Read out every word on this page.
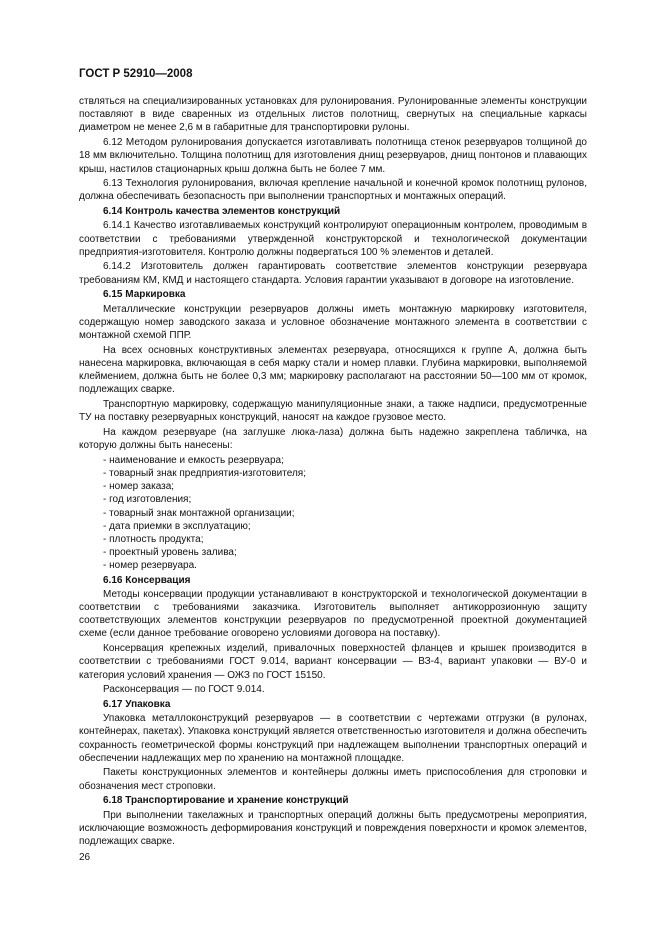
ГОСТ Р 52910—2008
ствляться на специализированных установках для рулонирования. Рулонированные элементы конструкции поставляют в виде сваренных из отдельных листов полотнищ, свернутых на специальные каркасы диаметром не менее 2,6 м в габаритные для транспортировки рулоны.
6.12 Методом рулонирования допускается изготавливать полотнища стенок резервуаров толщиной до 18 мм включительно. Толщина полотнищ для изготовления днищ резервуаров, днищ понтонов и плавающих крыш, настилов стационарных крыш должна быть не более 7 мм.
6.13 Технология рулонирования, включая крепление начальной и конечной кромок полотнищ рулонов, должна обеспечивать безопасность при выполнении транспортных и монтажных операций.
6.14 Контроль качества элементов конструкций
6.14.1 Качество изготавливаемых конструкций контролируют операционным контролем, проводимым в соответствии с требованиями утвержденной конструкторской и технологической документации предприятия-изготовителя. Контролю должны подвергаться 100 % элементов и деталей.
6.14.2 Изготовитель должен гарантировать соответствие элементов конструкции резервуара требованиям КМ, КМД и настоящего стандарта. Условия гарантии указывают в договоре на изготовление.
6.15 Маркировка
Металлические конструкции резервуаров должны иметь монтажную маркировку изготовителя, содержащую номер заводского заказа и условное обозначение монтажного элемента в соответствии с монтажной схемой ППР.
На всех основных конструктивных элементах резервуара, относящихся к группе А, должна быть нанесена маркировка, включающая в себя марку стали и номер плавки. Глубина маркировки, выполняемой клеймением, должна быть не более 0,3 мм; маркировку располагают на расстоянии 50—100 мм от кромок, подлежащих сварке.
Транспортную маркировку, содержащую манипуляционные знаки, а также надписи, предусмотренные ТУ на поставку резервуарных конструкций, наносят на каждое грузовое место.
На каждом резервуаре (на заглушке люка-лаза) должна быть надежно закреплена табличка, на которую должны быть нанесены:
- наименование и емкость резервуара;
- товарный знак предприятия-изготовителя;
- номер заказа;
- год изготовления;
- товарный знак монтажной организации;
- дата приемки в эксплуатацию;
- плотность продукта;
- проектный уровень залива;
- номер резервуара.
6.16 Консервация
Методы консервации продукции устанавливают в конструкторской и технологической документации в соответствии с требованиями заказчика. Изготовитель выполняет антикоррозионную защиту соответствующих элементов конструкции резервуаров по предусмотренной проектной документацией схеме (если данное требование оговорено условиями договора на поставку).
Консервация крепежных изделий, привалочных поверхностей фланцев и крышек производится в соответствии с требованиями ГОСТ 9.014, вариант консервации — ВЗ-4, вариант упаковки — ВУ-0 и категория условий хранения — ОЖЗ по ГОСТ 15150.
Расконсервация — по ГОСТ 9.014.
6.17 Упаковка
Упаковка металлоконструкций резервуаров — в соответствии с чертежами отгрузки (в рулонах, контейнерах, пакетах). Упаковка конструкций является ответственностью изготовителя и должна обеспечить сохранность геометрической формы конструкций при надлежащем выполнении транспортных операций и обеспечении надлежащих мер по хранению на монтажной площадке.
Пакеты конструкционных элементов и контейнеры должны иметь приспособления для строповки и обозначения мест строповки.
6.18 Транспортирование и хранение конструкций
При выполнении такелажных и транспортных операций должны быть предусмотрены мероприятия, исключающие возможность деформирования конструкций и повреждения поверхности и кромок элементов, подлежащих сварке.
26
